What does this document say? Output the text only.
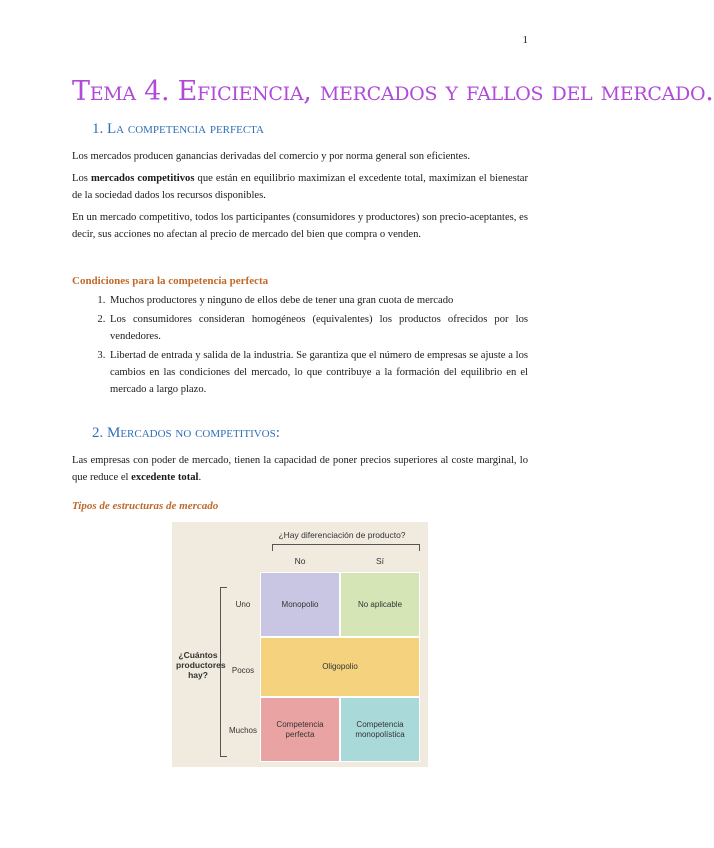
1
Tema 4. Eficiencia, mercados y fallos del mercado.
1. La competencia perfecta

Los mercados producen ganancias derivadas del comercio y por norma general son eficientes.

Los mercados competitivos que están en equilibrio maximizan el excedente total, maximizan el bienestar de la sociedad dados los recursos disponibles.

En un mercado competitivo, todos los participantes (consumidores y productores) son precio-aceptantes, es decir, sus acciones no afectan al precio de mercado del bien que compra o venden.

Condiciones para la competencia perfecta
1. Muchos productores y ninguno de ellos debe de tener una gran cuota de mercado
2. Los consumidores consideran homogéneos (equivalentes) los productos ofrecidos por los vendedores.
3. Libertad de entrada y salida de la industria. Se garantiza que el número de empresas se ajuste a los cambios en las condiciones del mercado, lo que contribuye a la formación del equilibrio en el mercado a largo plazo.
2. Mercados no competitivos:

Las empresas con poder de mercado, tienen la capacidad de poner precios superiores al coste marginal, lo que reduce el excedente total.

Tipos de estructuras de mercado
¿Hay diferenciación de producto?
No	Sí
¿Cuántos productores hay?
Uno
Pocos
Muchos
Monopolio	No aplicable
Oligopolio
Competencia perfecta
Competencia monopolística
